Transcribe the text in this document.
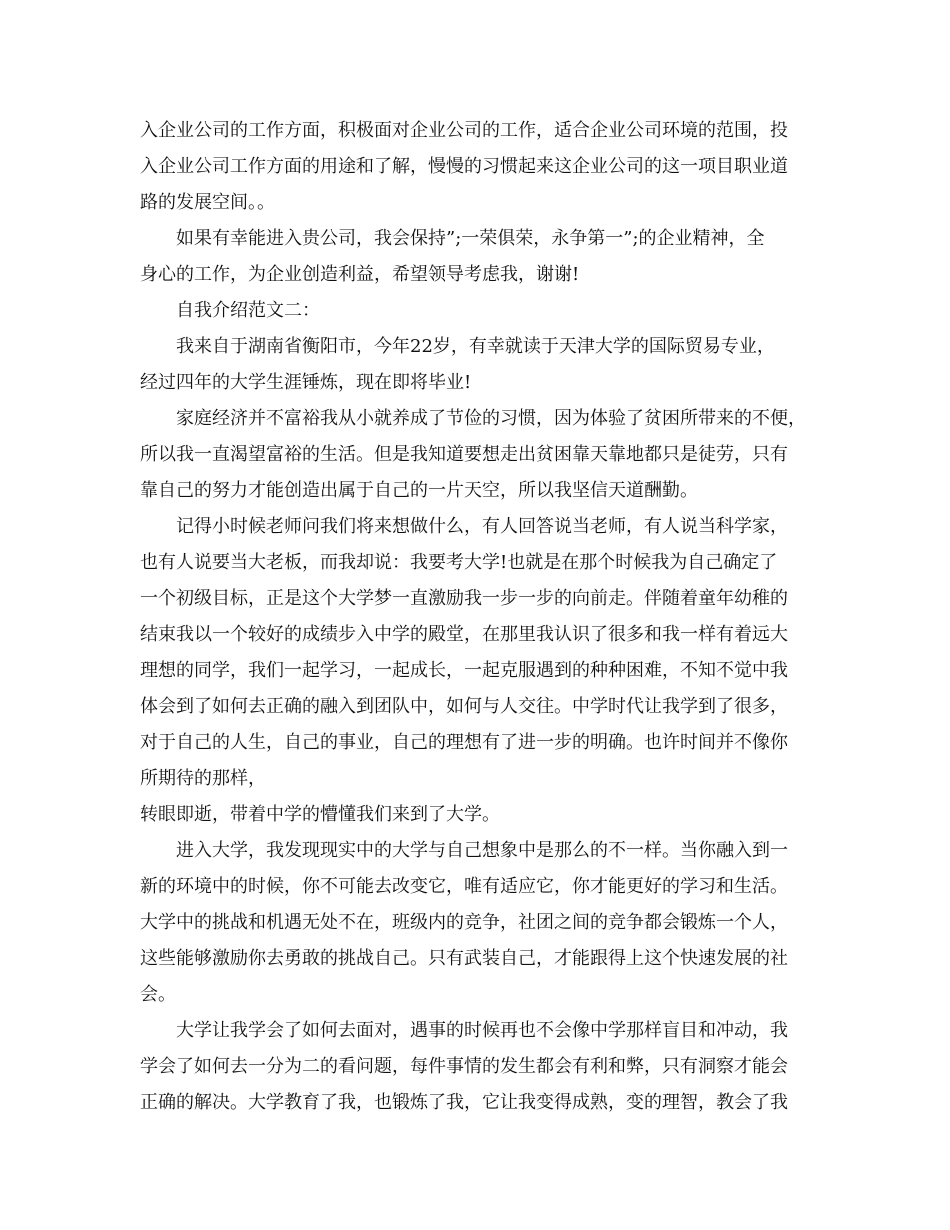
入企业公司的工作方面，积极面对企业公司的工作，适合企业公司环境的范围，投
入企业公司工作方面的用途和了解，慢慢的习惯起来这企业公司的这一项目职业道
路的发展空间。。
如果有幸能进入贵公司，我会保持”;一荣俱荣，永争第一”;的企业精神，全
身心的工作，为企业创造利益，希望领导考虑我，谢谢!
自我介绍范文二：
我来自于湖南省衡阳市，今年22岁，有幸就读于天津大学的国际贸易专业，
经过四年的大学生涯锤炼，现在即将毕业!
家庭经济并不富裕我从小就养成了节俭的习惯，因为体验了贫困所带来的不便，
所以我一直渴望富裕的生活。但是我知道要想走出贫困靠天靠地都只是徒劳，只有
靠自己的努力才能创造出属于自己的一片天空，所以我坚信天道酬勤。
记得小时候老师问我们将来想做什么，有人回答说当老师，有人说当科学家，
也有人说要当大老板，而我却说：我要考大学!也就是在那个时候我为自己确定了
一个初级目标，正是这个大学梦一直激励我一步一步的向前走。伴随着童年幼稚的
结束我以一个较好的成绩步入中学的殿堂，在那里我认识了很多和我一样有着远大
理想的同学，我们一起学习，一起成长，一起克服遇到的种种困难，不知不觉中我
体会到了如何去正确的融入到团队中，如何与人交往。中学时代让我学到了很多，
对于自己的人生，自己的事业，自己的理想有了进一步的明确。也许时间并不像你
所期待的那样，
转眼即逝，带着中学的懵懂我们来到了大学。
进入大学，我发现现实中的大学与自己想象中是那么的不一样。当你融入到一
新的环境中的时候，你不可能去改变它，唯有适应它，你才能更好的学习和生活。
大学中的挑战和机遇无处不在，班级内的竞争，社团之间的竞争都会锻炼一个人，
这些能够激励你去勇敢的挑战自己。只有武装自己，才能跟得上这个快速发展的社
会。
大学让我学会了如何去面对，遇事的时候再也不会像中学那样盲目和冲动，我
学会了如何去一分为二的看问题，每件事情的发生都会有利和弊，只有洞察才能会
正确的解决。大学教育了我，也锻炼了我，它让我变得成熟，变的理智，教会了我
